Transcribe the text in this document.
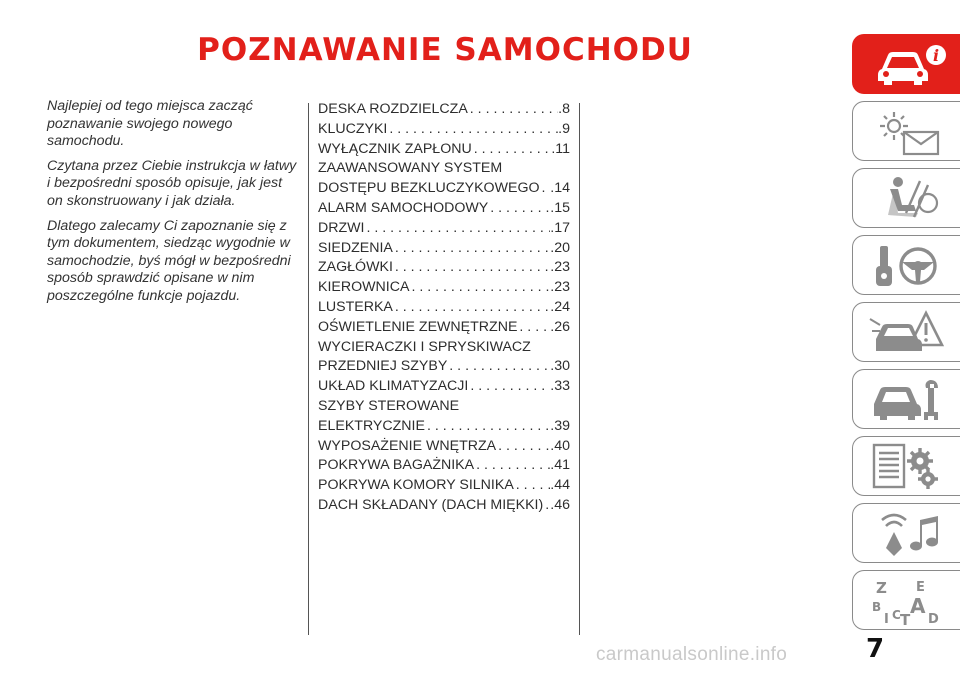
POZNAWANIE SAMOCHODU

Najlepiej od tego miejsca zacząć poznawanie swojego nowego samochodu.

Czytana przez Ciebie instrukcja w łatwy i bezpośredni sposób opisuje, jak jest on skonstruowany i jak działa.

Dlatego zalecamy Ci zapoznanie się z tym dokumentem, siedząc wygodnie w samochodzie, byś mógł w bezpośredni sposób sprawdzić opisane w nim poszczególne funkcje pojazdu.

DESKA ROZDZIELCZA . . .	.8
KLUCZYKI . . .	.9
WYŁĄCZNIK ZAPŁONU . . .	.11
ZAAWANSOWANY SYSTEM
DOSTĘPU BEZKLUCZYKOWEGO . . . .14
ALARM SAMOCHODOWY . . .	.15
DRZWI . . .	.17
SIEDZENIA . . .	.20
ZAGŁÓWKI . . .	.23
KIEROWNICA . . .	.23
LUSTERKA . . .	.24
OŚWIETLENIE ZEWNĘTRZNE . . . .26
WYCIERACZKI I SPRYSKIWACZ
PRZEDNIEJ SZYBY . . .	.30
UKŁAD KLIMATYZACJI . . .	.33
SZYBY STEROWANE
ELEKTRYCZNIE . . .	.39
WYPOSAŻENIE WNĘTRZA . . .	.40
POKRYWA BAGAŻNIKA . . .	.41
POKRYWA KOMORY SILNIKA . . .	.44
DACH SKŁADANY (DACH MIĘKKI) . . . .46
i
Z E
B A
I C T D
7
carmanualsonline.info
